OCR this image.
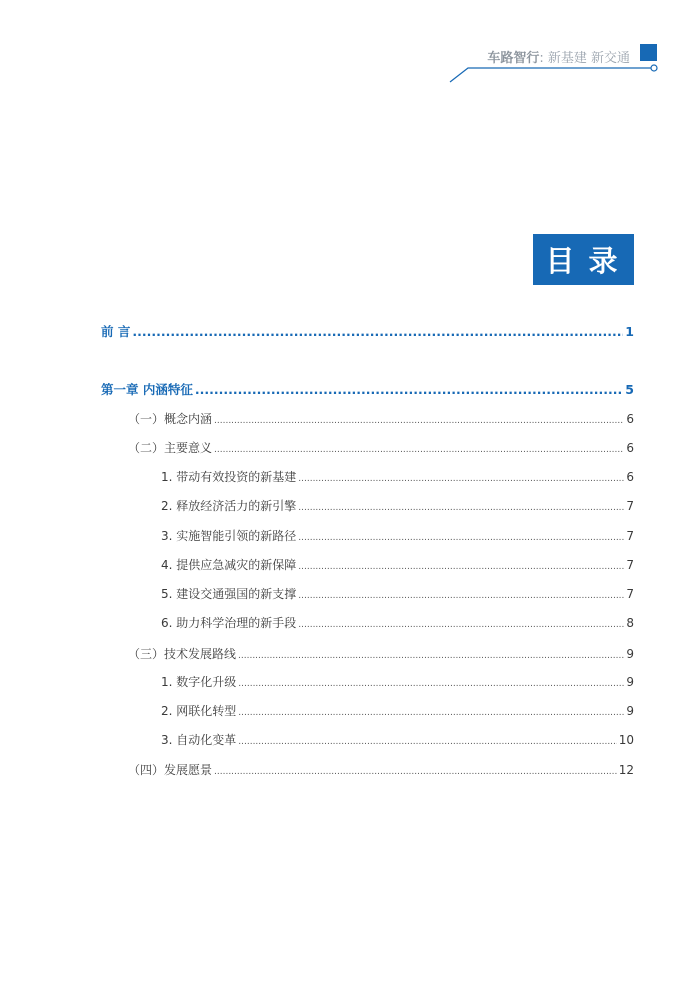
车路智行: 新基建 新交通
目录
前 言 .....	1
第一章 内涵特征 .....	5
（一）概念内涵 .....	6
（二）主要意义 .....	6
1. 带动有效投资的新基建 .....	6
2. 释放经济活力的新引擎 .....	7
3. 实施智能引领的新路径 .....	7
4. 提供应急减灾的新保障 .....	7
5. 建设交通强国的新支撑 .....	7
6. 助力科学治理的新手段 .....	8
（三）技术发展路线 .....	9
1. 数字化升级 .....	9
2. 网联化转型 .....	9
3. 自动化变革 .....	10
（四）发展愿景 .....	12
